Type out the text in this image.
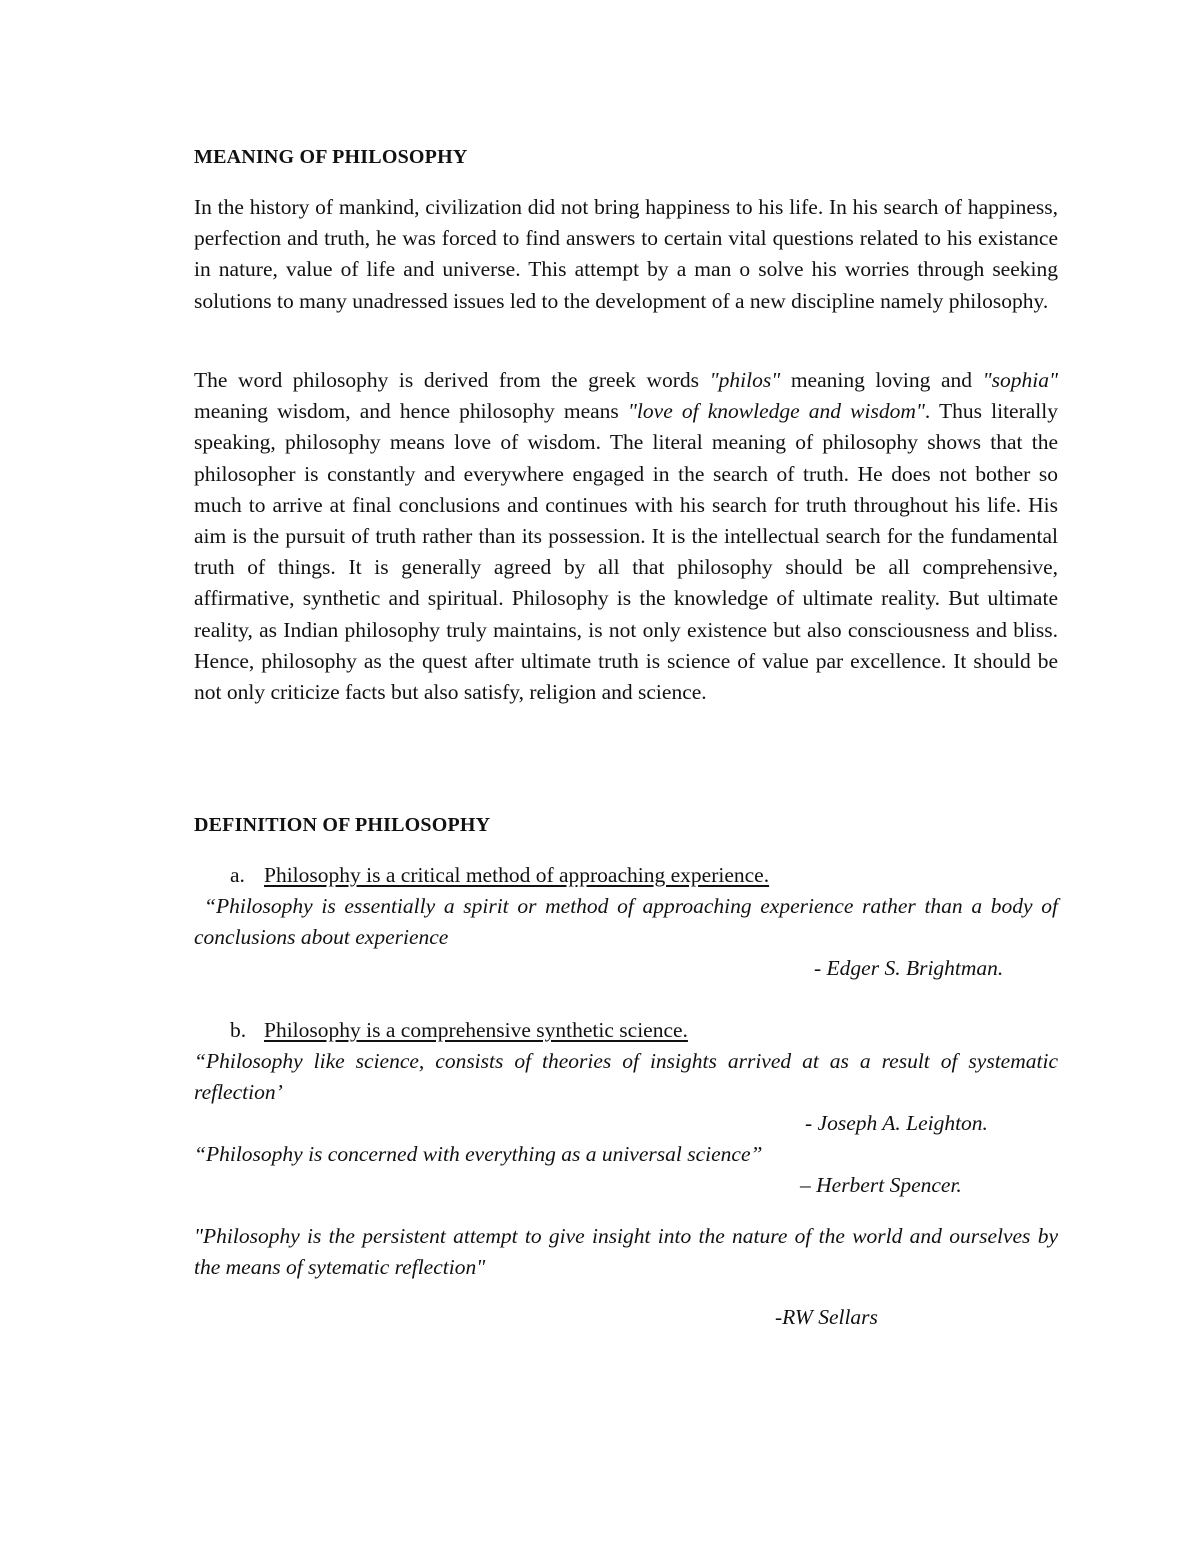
MEANING OF PHILOSOPHY

In the history of mankind, civilization did not bring happiness to his life. In his search of happiness, perfection and truth, he was forced to find answers to certain vital questions related to his existance in nature, value of life and universe. This attempt by a man o solve his worries through seeking solutions to many unadressed issues led to the development of a new discipline namely philosophy.

The word philosophy is derived from the greek words "philos" meaning loving and "sophia" meaning wisdom, and hence philosophy means "love of knowledge and wisdom". Thus literally speaking, philosophy means love of wisdom. The literal meaning of philosophy shows that the philosopher is constantly and everywhere engaged in the search of truth. He does not bother so much to arrive at final conclusions and continues with his search for truth throughout his life. His aim is the pursuit of truth rather than its possession. It is the intellectual search for the fundamental truth of things. It is generally agreed by all that philosophy should be all comprehensive, affirmative, synthetic and spiritual. Philosophy is the knowledge of ultimate reality. But ultimate reality, as Indian philosophy truly maintains, is not only existence but also consciousness and bliss. Hence, philosophy as the quest after ultimate truth is science of value par excellence. It should be not only criticize facts but also satisfy, religion and science.

DEFINITION OF PHILOSOPHY
a. Philosophy is a critical method of approaching experience.

“Philosophy is essentially a spirit or method of approaching experience rather than a body of conclusions about experience

- Edger S. Brightman.
b. Philosophy is a comprehensive synthetic science.

“Philosophy like science, consists of theories of insights arrived at as a result of systematic reflection’

- Joseph A. Leighton.

“Philosophy is concerned with everything as a universal science”

– Herbert Spencer.

"Philosophy is the persistent attempt to give insight into the nature of the world and ourselves by the means of sytematic reflection"

-RW Sellars
